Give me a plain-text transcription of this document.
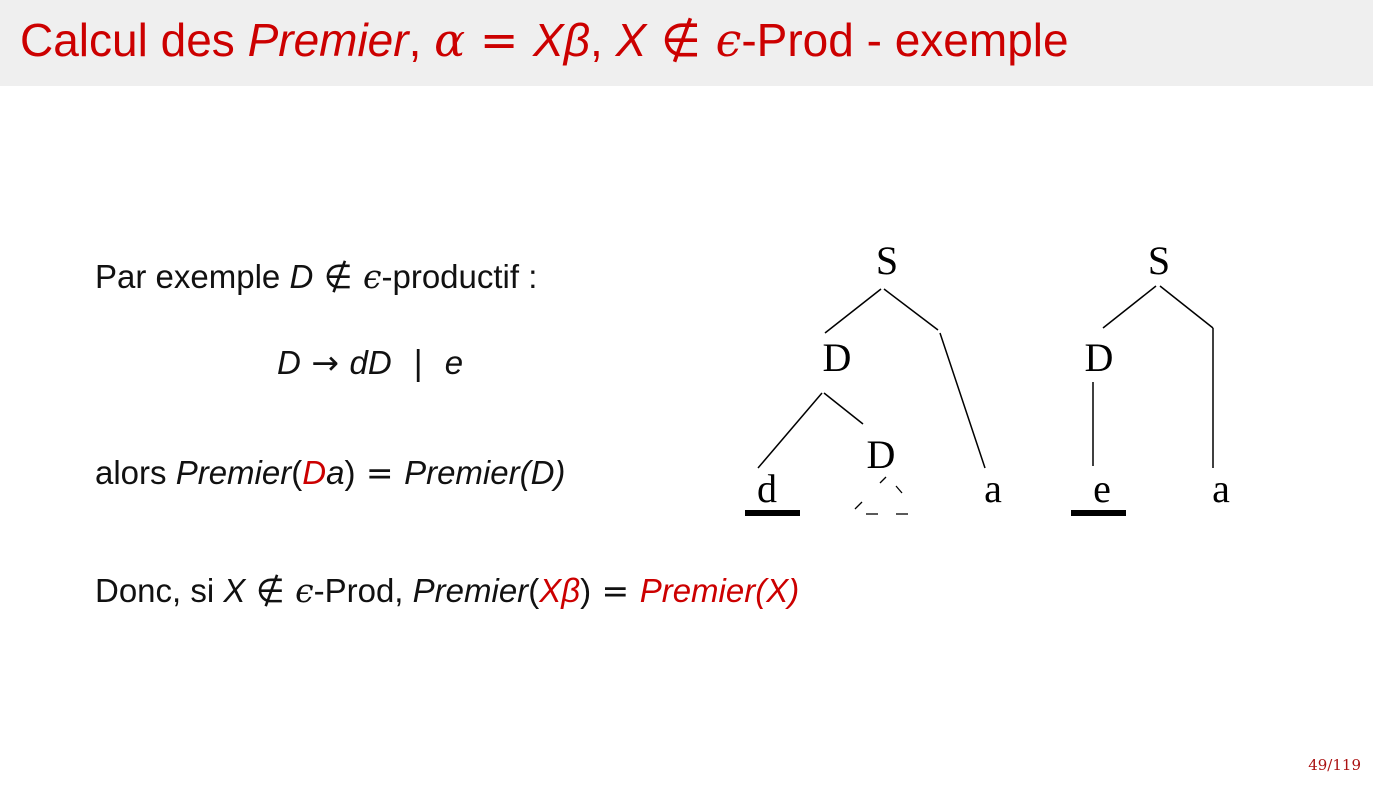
Calcul des Premier, α = Xβ, X ∉ ϵ-Prod - exemple
Par exemple D ∉ ϵ-productif :
D → dD  |  e
alors Premier(Da) = Premier(D)
Donc, si X ∉ ϵ-Prod, Premier(Xβ) = Premier(X)
S
D
D
d	a
S
D
e	a
49/119
